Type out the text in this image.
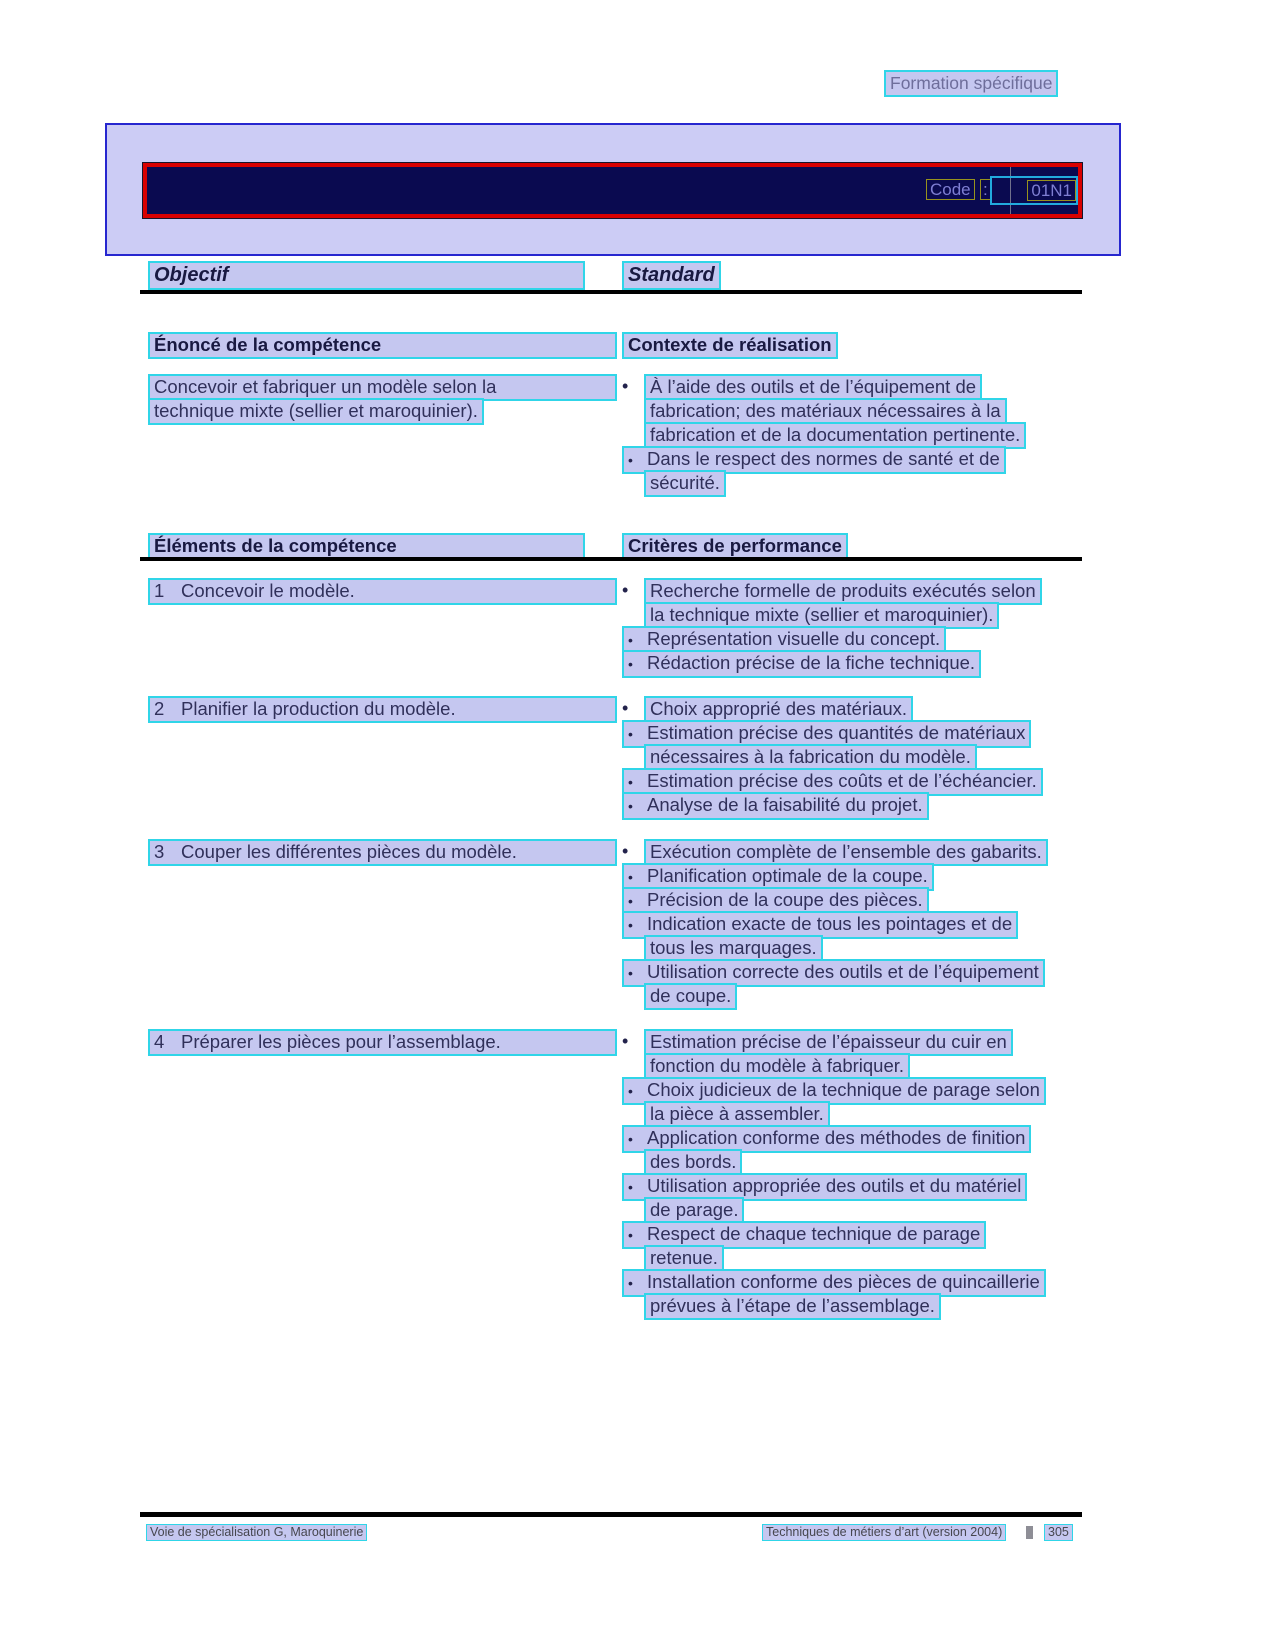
Formation spécifique
Code :	01N1
Objectif	Standard
Énoncé de la compétence	Contexte de réalisation
Concevoir et fabriquer un modèle selon la
technique mixte (sellier et maroquinier).
• À l’aide des outils et de l’équipement de
fabrication; des matériaux nécessaires à la
fabrication et de la documentation pertinente.
• Dans le respect des normes de santé et de
sécurité.
Éléments de la compétence	Critères de performance
Voie de spécialisation G, Maroquinerie	Techniques de métiers d’art (version 2004)	305
1 Concevoir le modèle.	• Recherche formelle de produits exécutés selon
la technique mixte (sellier et maroquinier).
• Représentation visuelle du concept.
• Rédaction précise de la fiche technique.
2 Planifier la production du modèle.	• Choix approprié des matériaux.
• Estimation précise des quantités de matériaux
nécessaires à la fabrication du modèle.
• Estimation précise des coûts et de l’échéancier.
• Analyse de la faisabilité du projet.
3 Couper les différentes pièces du modèle.	• Exécution complète de l’ensemble des gabarits.
• Planification optimale de la coupe.
• Précision de la coupe des pièces.
• Indication exacte de tous les pointages et de
tous les marquages.
• Utilisation correcte des outils et de l’équipement
de coupe.
4 Préparer les pièces pour l’assemblage.	• Estimation précise de l’épaisseur du cuir en
fonction du modèle à fabriquer.
• Choix judicieux de la technique de parage selon
la pièce à assembler.
• Application conforme des méthodes de finition
des bords.
• Utilisation appropriée des outils et du matériel
de parage.
• Respect de chaque technique de parage
retenue.
• Installation conforme des pièces de quincaillerie
prévues à l’étape de l’assemblage.
